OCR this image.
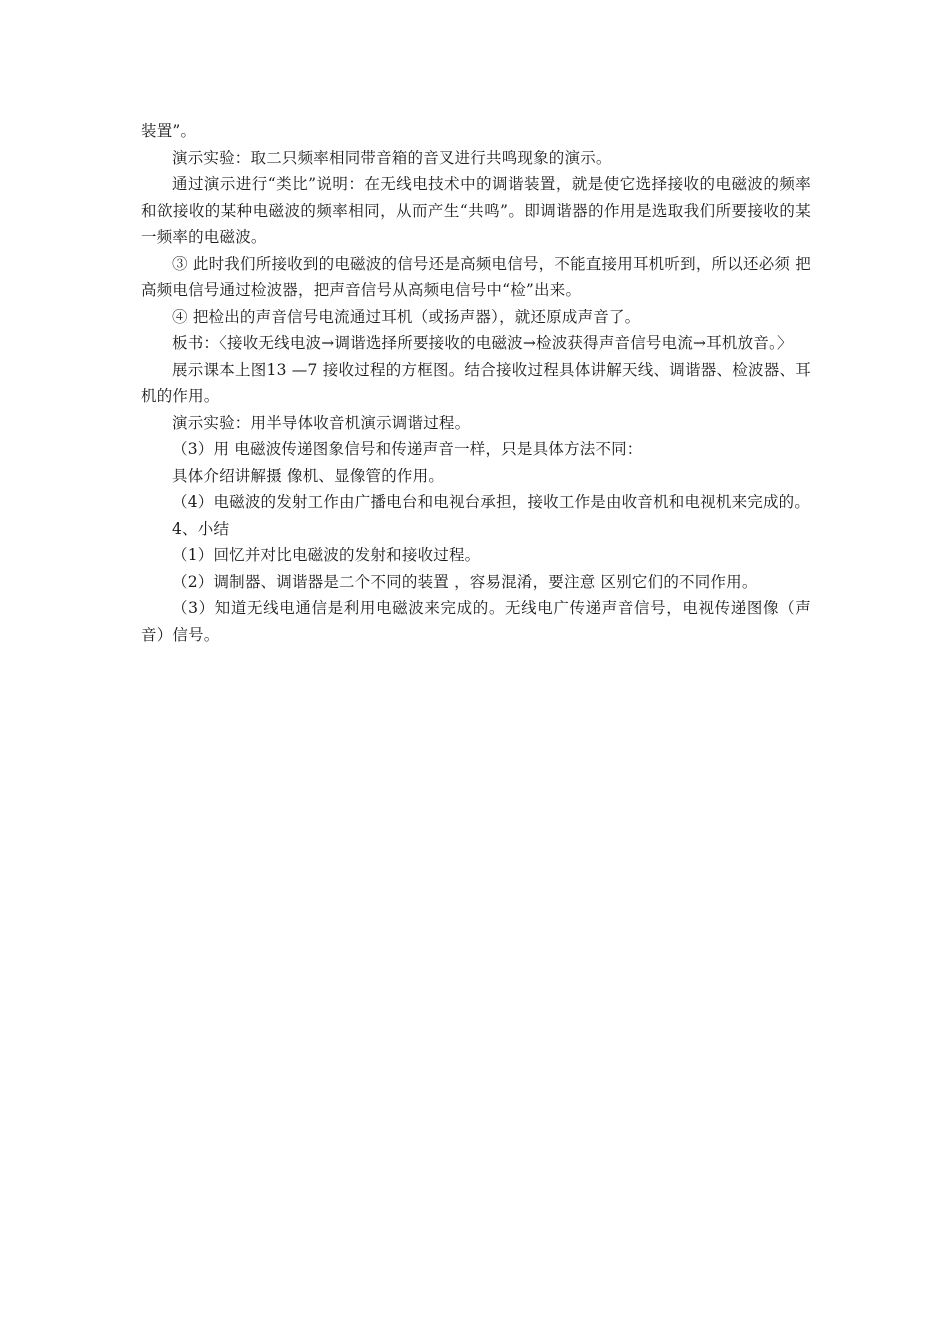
装置”。

演示实验：取二只频率相同带音箱的音叉进行共鸣现象的演示。

通过演示进行“类比”说明：在无线电技术中的调谐装置，就是使它选择接收的电磁波的频率和欲接收的某种电磁波的频率相同，从而产生“共鸣”。即调谐器的作用是选取我们所要接收的某一频率的电磁波。

③ 此时我们所接收到的电磁波的信号还是高频电信号，不能直接用耳机听到，所以还必须 把高频电信号通过检波器，把声音信号从高频电信号中“检”出来。

④ 把检出的声音信号电流通过耳机（或扬声器），就还原成声音了。

板书：〈接收无线电波→调谐选择所要接收的电磁波→检波获得声音信号电流→耳机放音。〉

展示课本上图13 —7 接收过程的方框图。结合接收过程具体讲解天线、调谐器、检波器、耳机的作用。

演示实验：用半导体收音机演示调谐过程。

（3）用 电磁波传递图象信号和传递声音一样，只是具体方法不同：

具体介绍讲解摄 像机、显像管的作用。

（4）电磁波的发射工作由广播电台和电视台承担，接收工作是由收音机和电视机来完成的。

4、小结

（1）回忆并对比电磁波的发射和接收过程。

（2）调制器、调谐器是二个不同的装置 ，容易混淆，要注意 区别它们的不同作用。

（3）知道无线电通信是利用电磁波来完成的。无线电广传递声音信号，电视传递图像（声音）信号。
